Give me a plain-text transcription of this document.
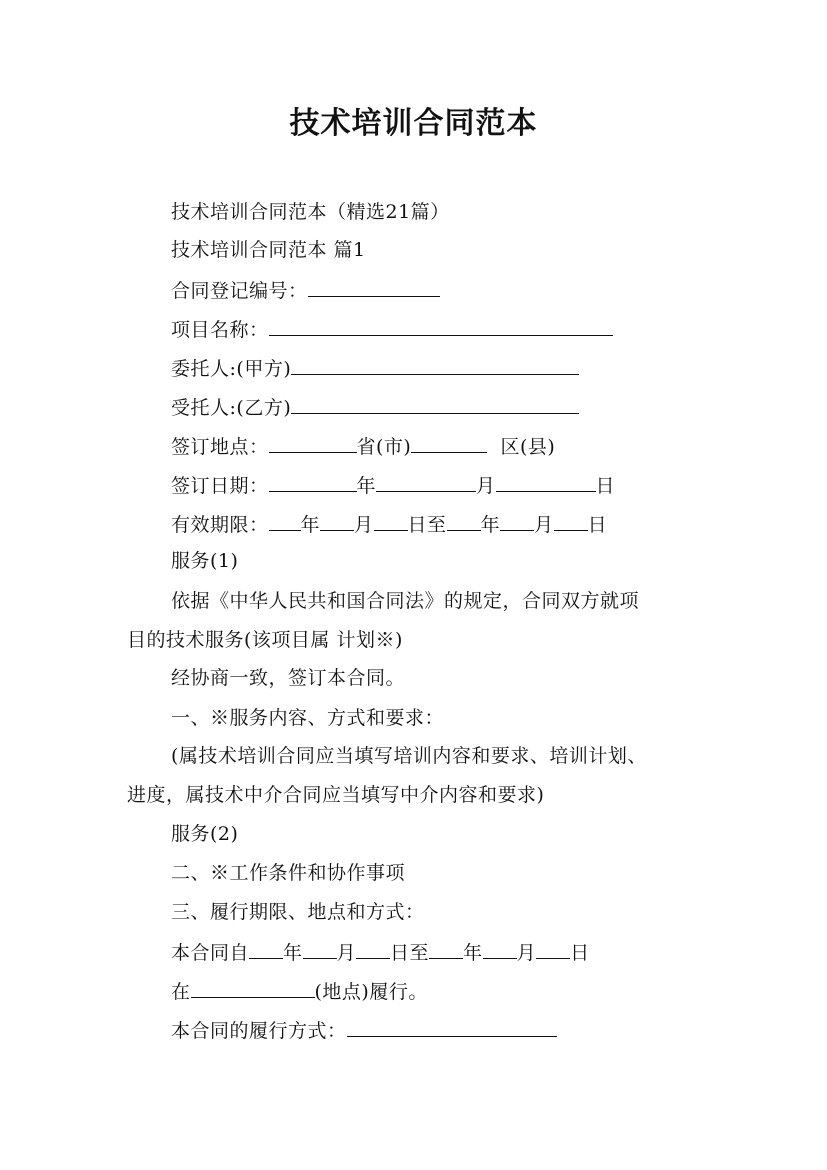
技术培训合同范本
技术培训合同范本（精选21篇）
技术培训合同范本 篇1
合同登记编号：
项目名称：
委托人:(甲方)
受托人:(乙方)
签订地点：	省(市)	区(县)
签订日期：	年	月	日
有效期限： 年 月 日至 年 月 日
服务(1)
依据《中华人民共和国合同法》的规定，合同双方就项
目的技术服务(该项目属 计划※)
经协商一致，签订本合同。
一、※服务内容、方式和要求：
(属技术培训合同应当填写培训内容和要求、培训计划、
进度，属技术中介合同应当填写中介内容和要求)
服务(2)
二、※工作条件和协作事项
三、履行期限、地点和方式：
本合同自 年 月 日至 年 月 日
在	(地点)履行。
本合同的履行方式：
